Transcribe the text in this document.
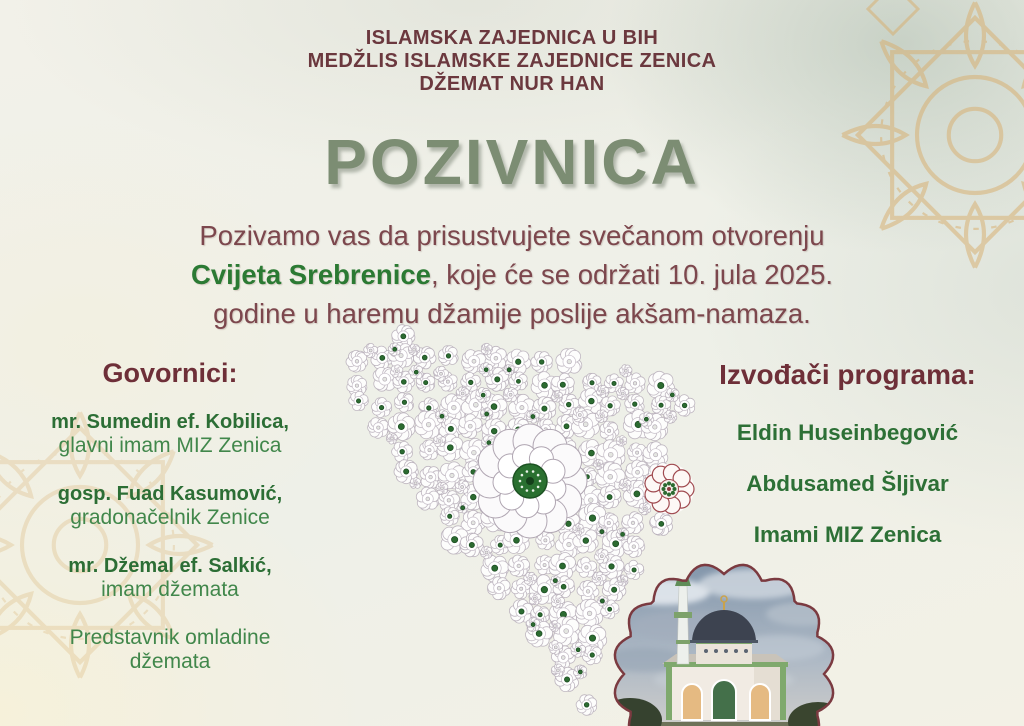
ISLAMSKA ZAJEDNICA U BIH
MEDŽLIS ISLAMSKE ZAJEDNICE ZENICA
DŽEMAT NUR HAN
POZIVNICA
Pozivamo vas da prisustvujete svečanom otvorenju
Cvijeta Srebrenice, koje će se održati 10. jula 2025.
godine u haremu džamije poslije akšam-namaza.
Govornici:
mr. Sumedin ef. Kobilica,
glavni imam MIZ Zenica
gosp. Fuad Kasumović,
gradonačelnik Zenice
mr. Džemal ef. Salkić,
imam džemata
Predstavnik omladine džemata
Izvođači programa:
Eldin Huseinbegović
Abdusamed Šljivar
Imami MIZ Zenica
